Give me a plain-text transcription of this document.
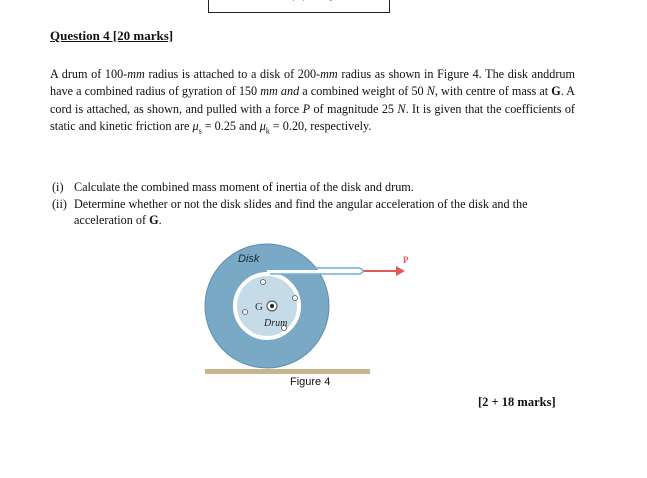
Question 4 [20 marks]
A drum of 100-mm radius is attached to a disk of 200-mm radius as shown in Figure 4. The disk anddrum have a combined radius of gyration of 150 mm and a combined weight of 50 N, with centre of mass at G. A cord is attached, as shown, and pulled with a force P of magnitude 25 N. It is given that the coefficients of static and kinetic friction are $\mu_s = 0.25$ and $\mu_k = 0.20$, respectively.
(i) Calculate the combined mass moment of inertia of the disk and drum.
(ii) Determine whether or not the disk slides and find the angular acceleration of the disk and the acceleration of G.
P
G
Disk
Drum
Figure 4
[2 + 18 marks]
